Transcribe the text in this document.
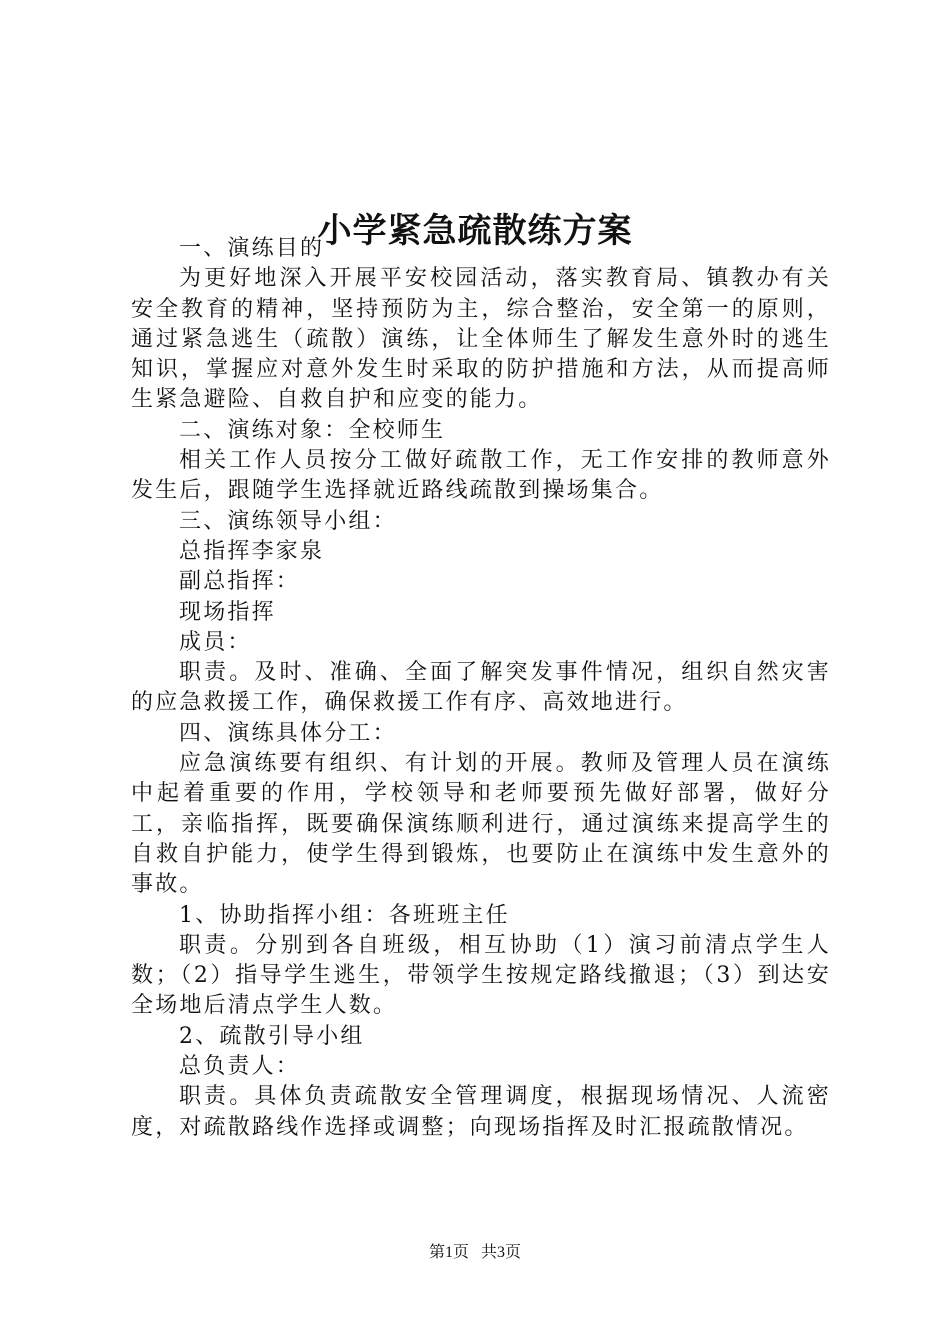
小学紧急疏散练方案

一、演练目的

为更好地深入开展平安校园活动，落实教育局、镇教办有关安全教育的精神，坚持预防为主，综合整治，安全第一的原则，通过紧急逃生（疏散）演练，让全体师生了解发生意外时的逃生知识，掌握应对意外发生时采取的防护措施和方法，从而提高师生紧急避险、自救自护和应变的能力。

二、演练对象：全校师生

相关工作人员按分工做好疏散工作，无工作安排的教师意外发生后，跟随学生选择就近路线疏散到操场集合。

三、演练领导小组：

总指挥李家泉

副总指挥：

现场指挥

成员：

职责。及时、准确、全面了解突发事件情况，组织自然灾害的应急救援工作，确保救援工作有序、高效地进行。

四、演练具体分工：

应急演练要有组织、有计划的开展。教师及管理人员在演练中起着重要的作用，学校领导和老师要预先做好部署，做好分工，亲临指挥，既要确保演练顺利进行，通过演练来提高学生的自救自护能力，使学生得到锻炼，也要防止在演练中发生意外的事故。

1、协助指挥小组：各班班主任

职责。分别到各自班级，相互协助（1）演习前清点学生人数；（2）指导学生逃生，带领学生按规定路线撤退；（3）到达安全场地后清点学生人数。

2、疏散引导小组

总负责人：

职责。具体负责疏散安全管理调度，根据现场情况、人流密度，对疏散路线作选择或调整；向现场指挥及时汇报疏散情况。

第1页 共3页
